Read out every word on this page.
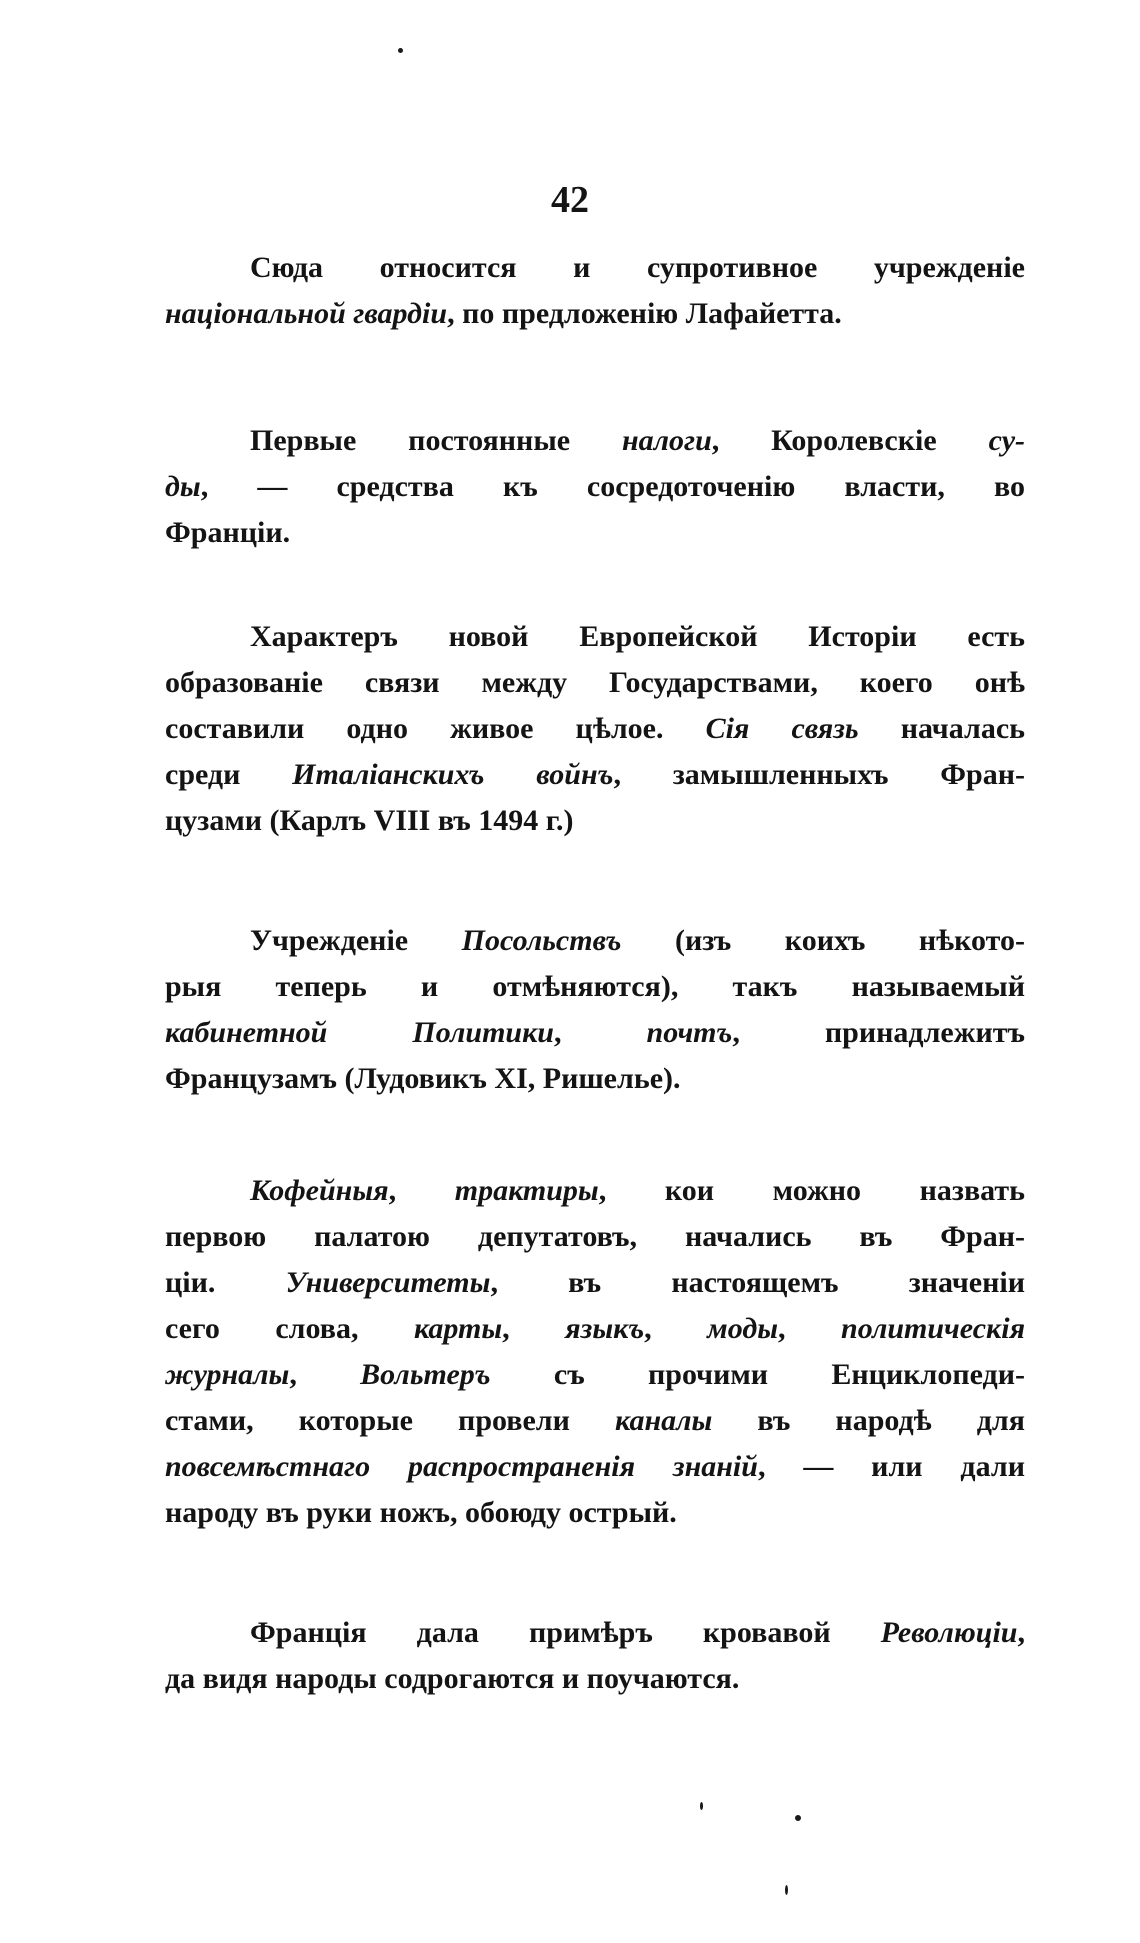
42
Сюда относится и супротивное учрежденіе
національной гвардіи, по предложенію Лафайетта.
Первые постоянные налоги, Королевскіе су-
ды, — средства къ сосредоточенію власти, во
Франціи.
Характеръ новой Европейской Исторіи есть
образованіе связи между Государствами, коего онѣ
составили одно живое цѣлое. Сія связь началась
среди Италіанскихъ войнъ, замышленныхъ Фран-
цузами (Карлъ VIII въ 1494 г.)
Учрежденіе Посольствъ (изъ коихъ нѣкото-
рыя теперь и отмѣняются), такъ называемый
кабинетной Политики, почтъ, принадлежитъ
Французамъ (Лудовикъ XI, Ришелье).
Кофейныя, трактиры, кои можно назвать
первою палатою депутатовъ, начались въ Фран-
ціи. Университеты, въ настоящемъ значеніи
сего слова, карты, языкъ, моды, политическія
журналы, Вольтеръ съ прочими Енциклопеди-
стами, которые провели каналы въ народѣ для
повсемѣстнаго распространенія знаній, — или дали
народу въ руки ножъ, обоюду острый.
Франція дала примѣръ кровавой Революціи,
да видя народы содрогаются и поучаются.
